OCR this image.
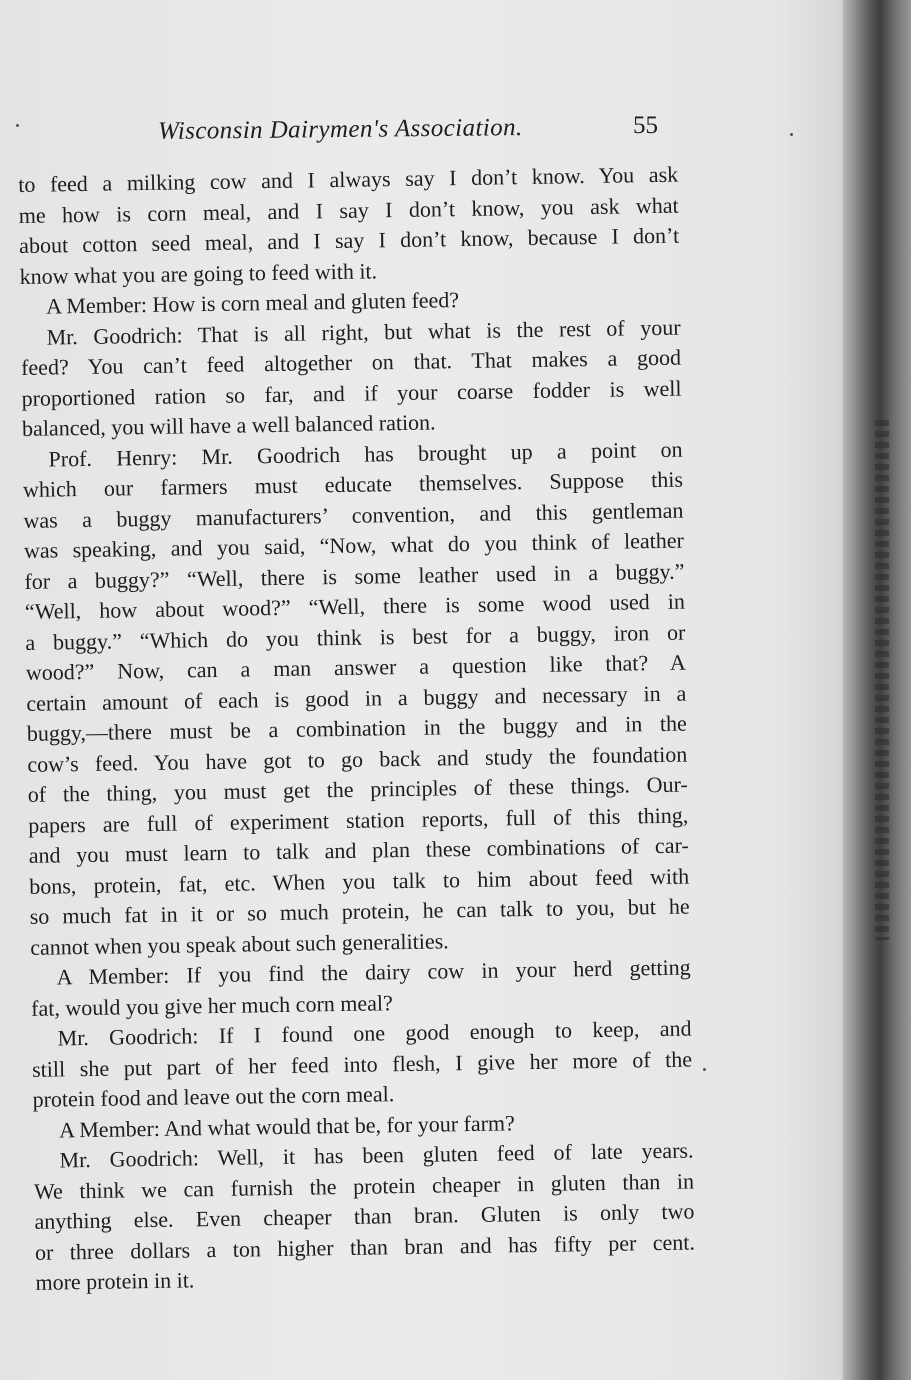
Wisconsin Dairymen's Association.	55
to feed a milking cow and I always say I don’t know. You ask
me how is corn meal, and I say I don’t know, you ask what
about cotton seed meal, and I say I don’t know, because I don’t
know what you are going to feed with it.
A Member: How is corn meal and gluten feed?
Mr. Goodrich: That is all right, but what is the rest of your
feed? You can’t feed altogether on that. That makes a good
proportioned ration so far, and if your coarse fodder is well
balanced, you will have a well balanced ration.
Prof. Henry: Mr. Goodrich has brought up a point on
which our farmers must educate themselves. Suppose this
was a buggy manufacturers’ convention, and this gentleman
was speaking, and you said, “Now, what do you think of leather
for a buggy?” “Well, there is some leather used in a buggy.”
“Well, how about wood?” “Well, there is some wood used in
a buggy.” “Which do you think is best for a buggy, iron or
wood?” Now, can a man answer a question like that? A
certain amount of each is good in a buggy and necessary in a
buggy,—there must be a combination in the buggy and in the
cow’s feed. You have got to go back and study the foundation
of the thing, you must get the principles of these things. Our-
papers are full of experiment station reports, full of this thing,
and you must learn to talk and plan these combinations of car-
bons, protein, fat, etc. When you talk to him about feed with
so much fat in it or so much protein, he can talk to you, but he
cannot when you speak about such generalities.
A Member: If you find the dairy cow in your herd getting
fat, would you give her much corn meal?
Mr. Goodrich: If I found one good enough to keep, and
still she put part of her feed into flesh, I give her more of the
protein food and leave out the corn meal.
A Member: And what would that be, for your farm?
Mr. Goodrich: Well, it has been gluten feed of late years.
We think we can furnish the protein cheaper in gluten than in
anything else. Even cheaper than bran. Gluten is only two
or three dollars a ton higher than bran and has fifty per cent.
more protein in it.
